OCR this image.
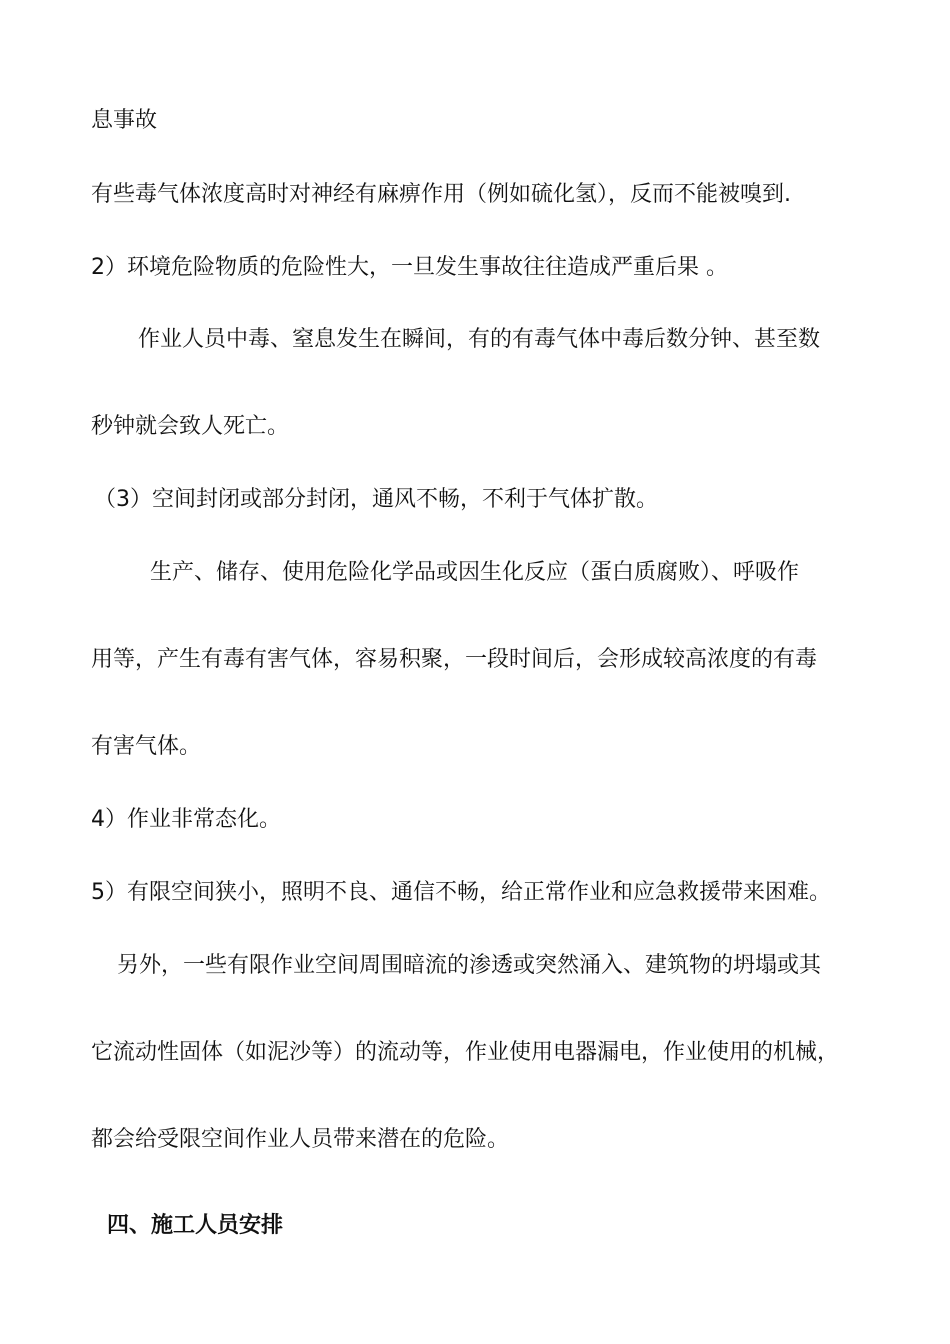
息事故
有些毒气体浓度高时对神经有麻痹作用（例如硫化氢），反而不能被嗅到.
2）环境危险物质的危险性大，一旦发生事故往往造成严重后果 。
作业人员中毒、窒息发生在瞬间，有的有毒气体中毒后数分钟、甚至数
秒钟就会致人死亡。
（3）空间封闭或部分封闭，通风不畅，不利于气体扩散。
生产、储存、使用危险化学品或因生化反应（蛋白质腐败）、呼吸作
用等，产生有毒有害气体，容易积聚，一段时间后，会形成较高浓度的有毒
有害气体。
4）作业非常态化。
5）有限空间狭小，照明不良、通信不畅，给正常作业和应急救援带来困难。
另外，一些有限作业空间周围暗流的渗透或突然涌入、建筑物的坍塌或其
它流动性固体（如泥沙等）的流动等，作业使用电器漏电，作业使用的机械，
都会给受限空间作业人员带来潜在的危险。
四、施工人员安排
